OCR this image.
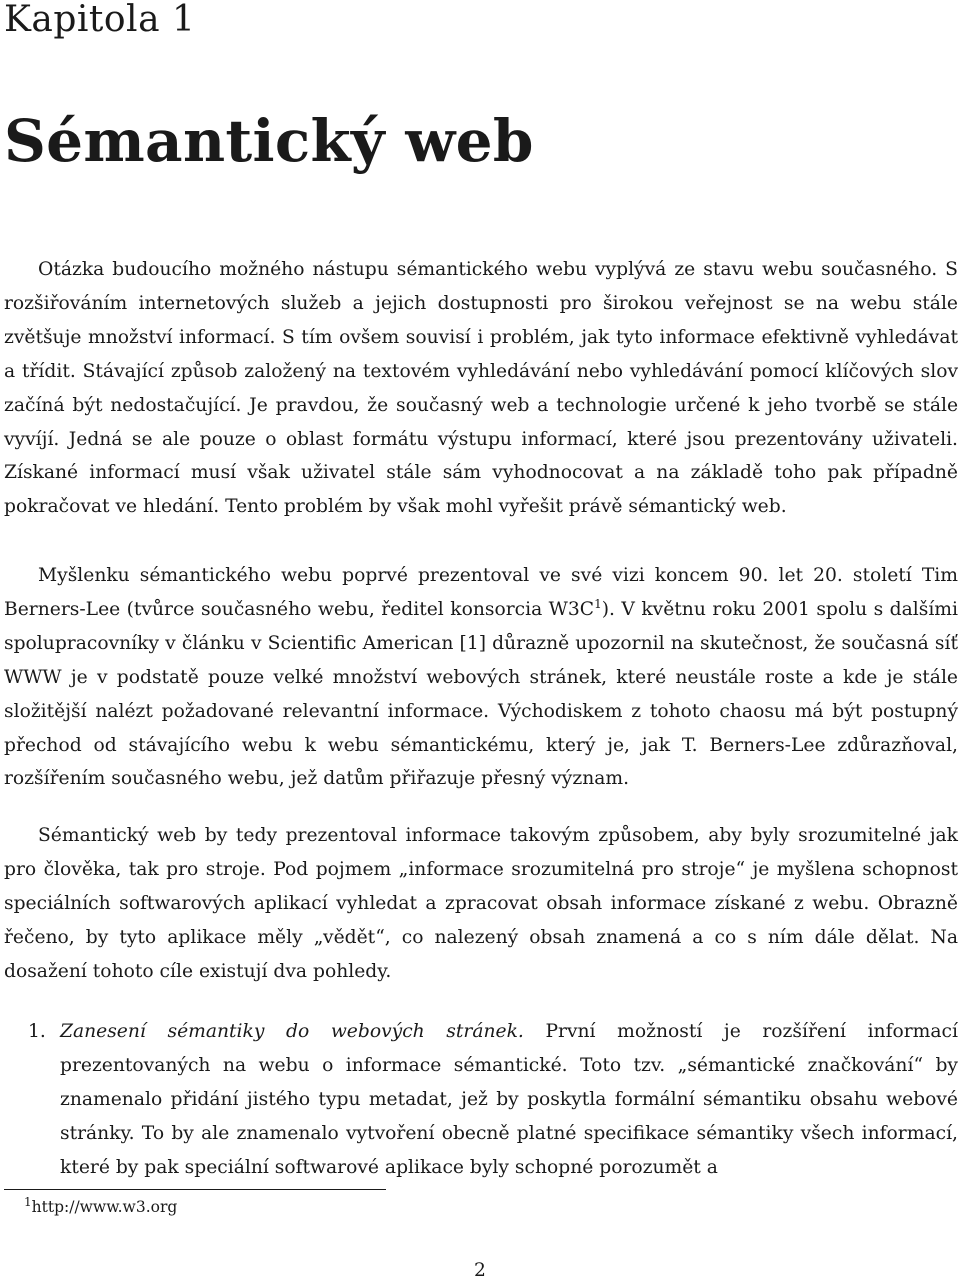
Kapitola 1
Sémantický web

Otázka budoucího možného nástupu sémantického webu vyplývá ze stavu webu současného. S rozšiřováním internetových služeb a jejich dostupnosti pro širokou veřejnost se na webu stále zvětšuje množství informací. S tím ovšem souvisí i problém, jak tyto informace efektivně vyhledávat a třídit. Stávající způsob založený na textovém vyhledávání nebo vyhledávání pomocí klíčových slov začíná být nedostačující. Je pravdou, že současný web a technologie určené k jeho tvorbě se stále vyvíjí. Jedná se ale pouze o oblast formátu výstupu informací, které jsou prezentovány uživateli. Získané informací musí však uživatel stále sám vyhodnocovat a na základě toho pak případně pokračovat ve hledání. Tento problém by však mohl vyřešit právě sémantický web.

Myšlenku sémantického webu poprvé prezentoval ve své vizi koncem 90. let 20. století Tim Berners-Lee (tvůrce současného webu, ředitel konsorcia $W3C^1$). V květnu roku 2001 spolu s dalšími spolupracovníky v článku v Scientific American [1] důrazně upozornil na skutečnost, že současná síť WWW je v podstatě pouze velké množství webových stránek, které neustále roste a kde je stále složitější nalézt požadované relevantní informace. Východiskem z tohoto chaosu má být postupný přechod od stávajícího webu k webu sémantickému, který je, jak T. Berners-Lee zdůrazňoval, rozšířením současného webu, jež datům přiřazuje přesný význam.

Sémantický web by tedy prezentoval informace takovým způsobem, aby byly srozumitelné jak pro člověka, tak pro stroje. Pod pojmem „informace srozumitelná pro stroje“ je myšlena schopnost speciálních softwarových aplikací vyhledat a zpracovat obsah informace získané z webu. Obrazně řečeno, by tyto aplikace měly „vědět“, co nalezený obsah znamená a co s ním dále dělat. Na dosažení tohoto cíle existují dva pohledy.

1. Zanesení sémantiky do webových stránek. První možností je rozšíření informací prezentovaných na webu o informace sémantické. Toto tzv. „sémantické značkování“ by znamenalo přidání jistého typu metadat, jež by poskytla formální sémantiku obsahu webové stránky. To by ale znamenalo vytvoření obecně platné specifikace sémantiky všech informací, které by pak speciální softwarové aplikace byly schopné porozumět a
$^1$http://www.w3.org
2
